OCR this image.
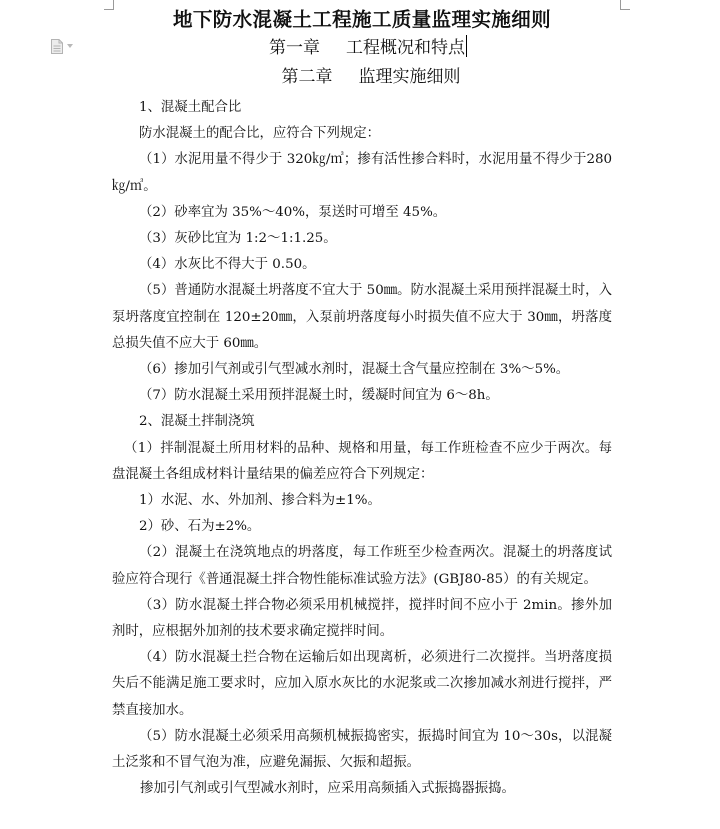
地下防水混凝土工程施工质量监理实施细则
第一章 工程概况和特点
第二章 监理实施细则

1、混凝土配合比

防水混凝土的配合比，应符合下列规定：

（1）水泥用量不得少于 320㎏/㎥；掺有活性掺合料时，水泥用量不得少于280㎏/㎥。

（2）砂率宜为 35%～40%，泵送时可增至 45%。

（3）灰砂比宜为 1:2～1:1.25。

（4）水灰比不得大于 0.50。

（5）普通防水混凝土坍落度不宜大于 50㎜。防水混凝土采用预拌混凝土时，入泵坍落度宜控制在 120±20㎜，入泵前坍落度每小时损失值不应大于 30㎜，坍落度总损失值不应大于 60㎜。

（6）掺加引气剂或引气型减水剂时，混凝土含气量应控制在 3%～5%。

（7）防水混凝土采用预拌混凝土时，缓凝时间宜为 6～8h。

2、混凝土拌制浇筑

（1）拌制混凝土所用材料的品种、规格和用量，每工作班检查不应少于两次。每盘混凝土各组成材料计量结果的偏差应符合下列规定：

1）水泥、水、外加剂、掺合料为±1%。

2）砂、石为±2%。

（2）混凝土在浇筑地点的坍落度，每工作班至少检查两次。混凝土的坍落度试验应符合现行《普通混凝土拌合物性能标准试验方法》(GBJ80-85）的有关规定。

（3）防水混凝土拌合物必须采用机械搅拌，搅拌时间不应小于 2min。掺外加剂时，应根据外加剂的技术要求确定搅拌时间。

（4）防水混凝土拦合物在运输后如出现离析，必须进行二次搅拌。当坍落度损失后不能满足施工要求时，应加入原水灰比的水泥浆或二次掺加减水剂进行搅拌，严禁直接加水。

（5）防水混凝土必须采用高频机械振捣密实，振捣时间宜为 10～30s，以混凝土泛浆和不冒气泡为准，应避免漏振、欠振和超振。

掺加引气剂或引气型减水剂时，应采用高频插入式振捣器振捣。
